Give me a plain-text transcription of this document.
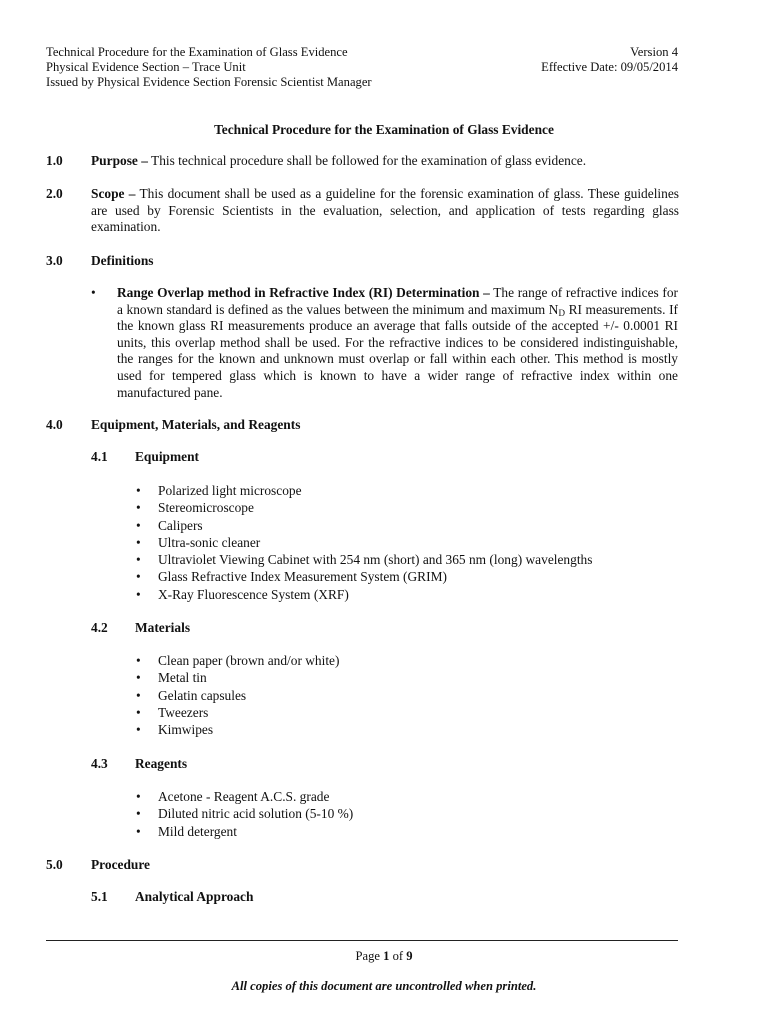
Technical Procedure for the Examination of Glass Evidence
Physical Evidence Section – Trace Unit
Issued by Physical Evidence Section Forensic Scientist Manager
Version 4
Effective Date: 09/05/2014
Technical Procedure for the Examination of Glass Evidence
1.0 Purpose – This technical procedure shall be followed for the examination of glass evidence.
2.0 Scope – This document shall be used as a guideline for the forensic examination of glass. These guidelines are used by Forensic Scientists in the evaluation, selection, and application of tests regarding glass examination.
3.0 Definitions
• Range Overlap method in Refractive Index (RI) Determination – The range of refractive indices for a known standard is defined as the values between the minimum and maximum $N_D$ RI measurements. If the known glass RI measurements produce an average that falls outside of the accepted +/- 0.0001 RI units, this overlap method shall be used. For the refractive indices to be considered indistinguishable, the ranges for the known and unknown must overlap or fall within each other. This method is mostly used for tempered glass which is known to have a wider range of refractive index within one manufactured pane.
4.0 Equipment, Materials, and Reagents
4.1 Equipment
• Polarized light microscope
• Stereomicroscope
• Calipers
• Ultra-sonic cleaner
• Ultraviolet Viewing Cabinet with 254 nm (short) and 365 nm (long) wavelengths
• Glass Refractive Index Measurement System (GRIM)
• X-Ray Fluorescence System (XRF)
4.2 Materials
• Clean paper (brown and/or white)
• Metal tin
• Gelatin capsules
• Tweezers
• Kimwipes
4.3 Reagents
• Acetone - Reagent A.C.S. grade
• Diluted nitric acid solution (5-10 %)
• Mild detergent
5.0 Procedure
5.1 Analytical Approach
Page 1 of 9
All copies of this document are uncontrolled when printed.
